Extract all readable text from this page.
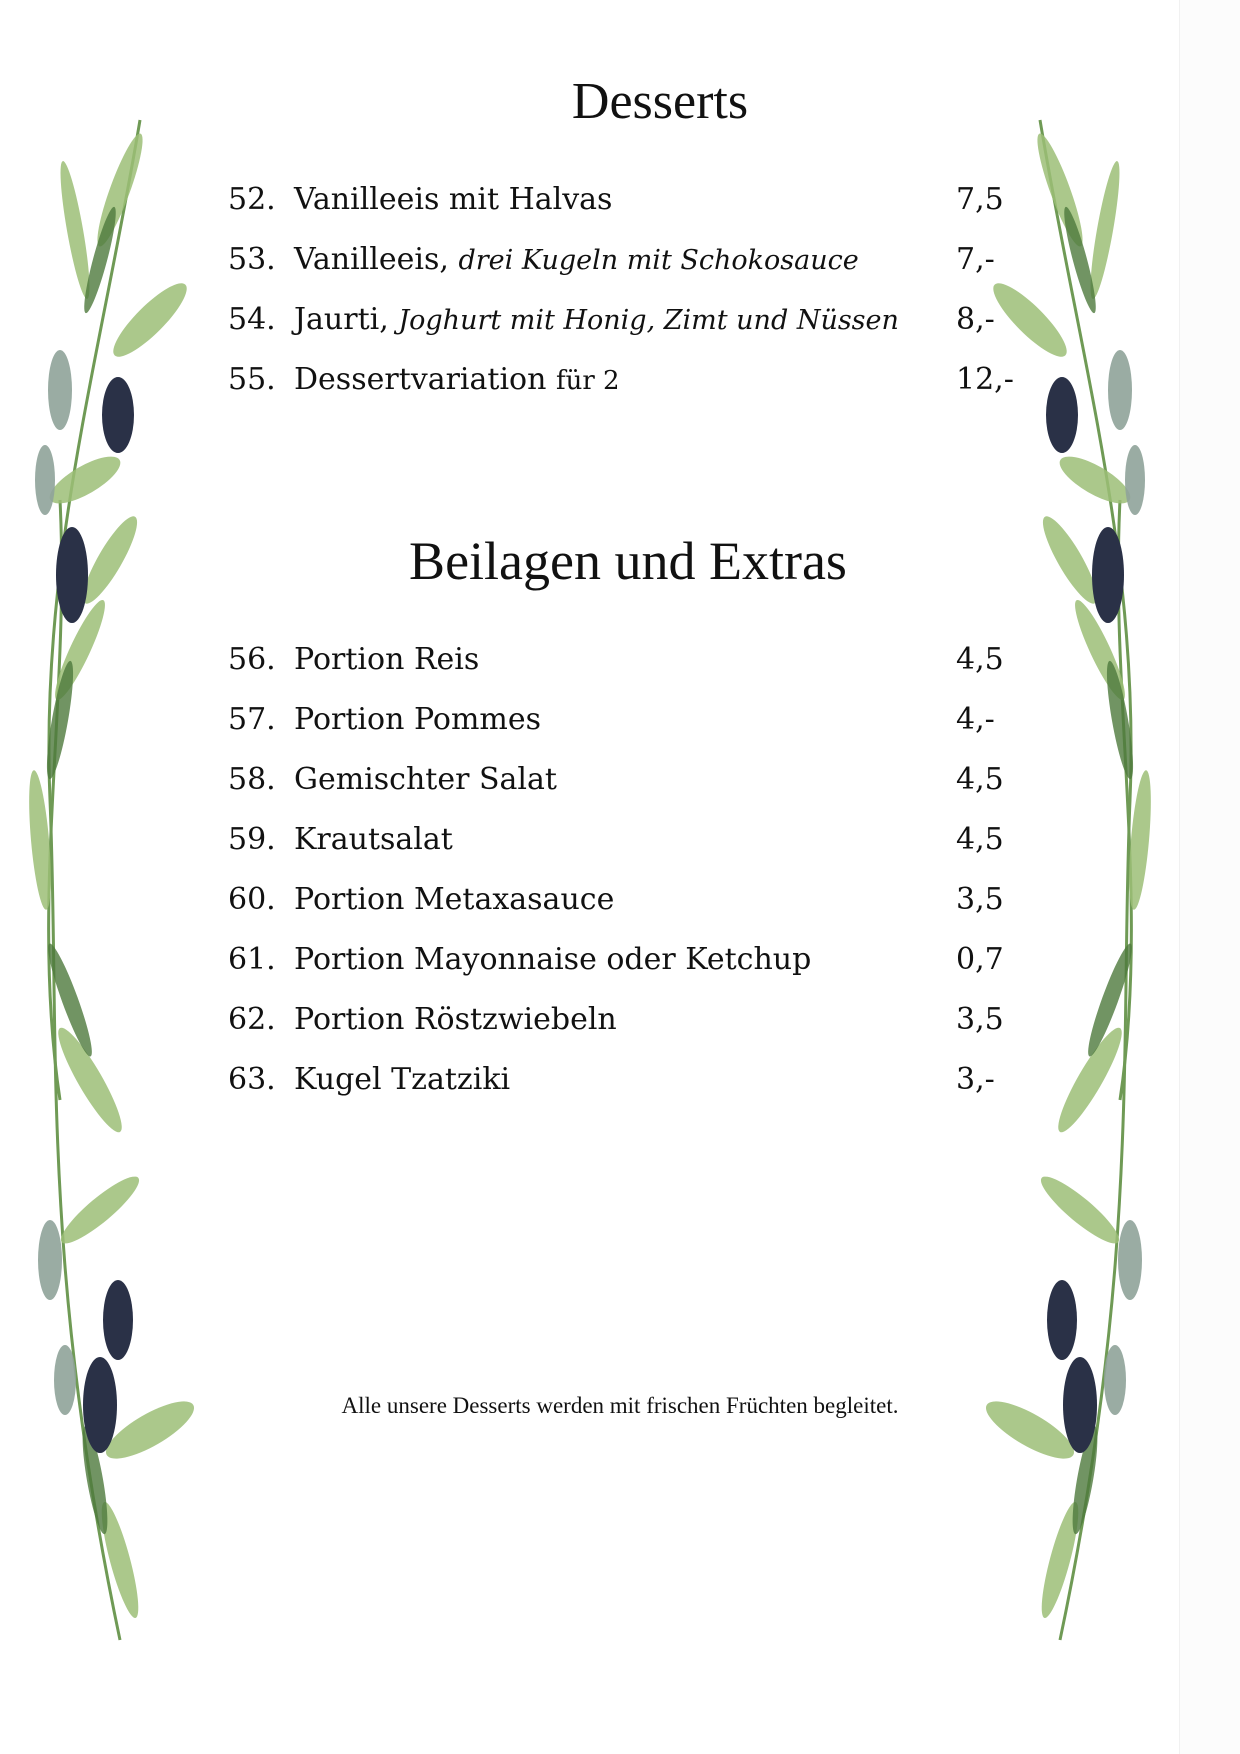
Desserts
52. Vanilleeis mit Halvas	7,5
53. Vanilleeis, drei Kugeln mit Schokosauce	7,-
54. Jaurti, Joghurt mit Honig, Zimt und Nüssen 8,-
55. Dessertvariation für 2	12,-
Beilagen und Extras
56. Portion Reis	4,5
57. Portion Pommes	4,-
58. Gemischter Salat	4,5
59. Krautsalat	4,5
60. Portion Metaxasauce	3,5
61. Portion Mayonnaise oder Ketchup	0,7
62. Portion Röstzwiebeln	3,5
63. Kugel Tzatziki	3,-

Alle unsere Desserts werden mit frischen Früchten begleitet.
